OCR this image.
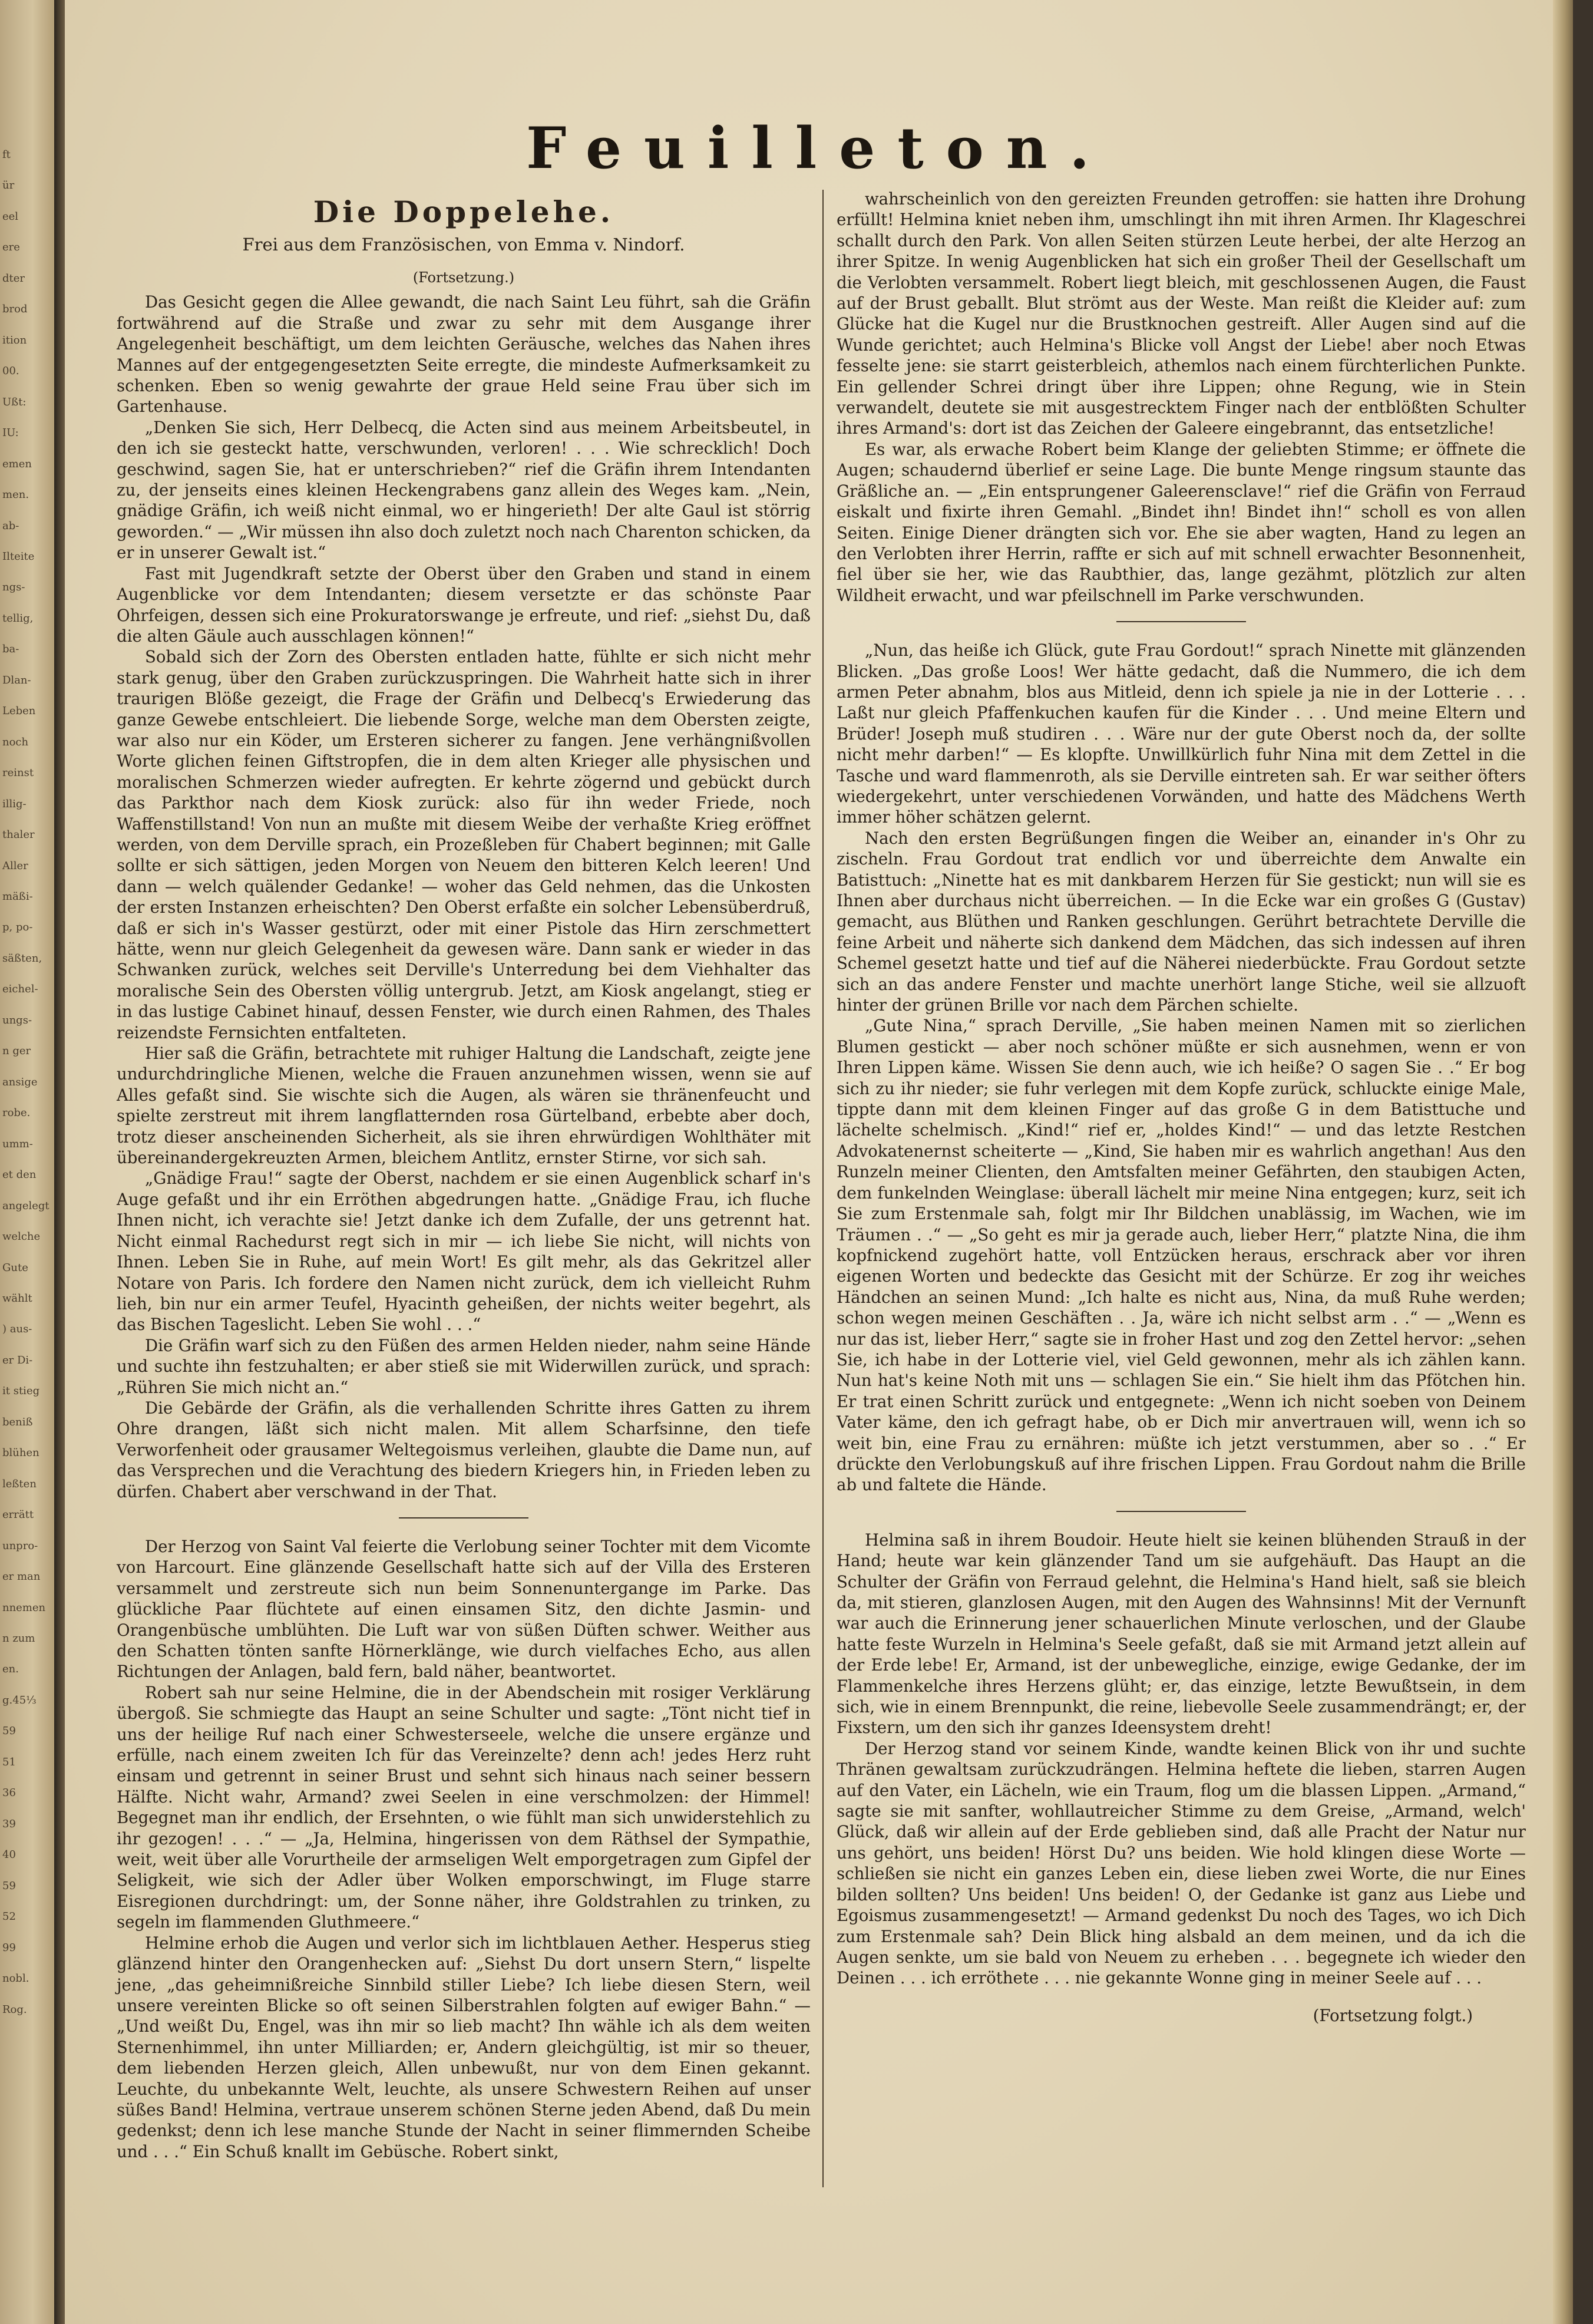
ft
ür
eel
ere
dter
brod
ition
00.
Ußt:
IU:
emen
men.
ab-
Ilteite
ngs-
tellig,
ba-
Dlan-
Leben
noch
reinst
illig-
thaler
Aller
mäßi-
p, po-
säßten,
eichel-
ungs-
n ger
ansige
robe.
umm-
et den
angelegt
welche
Gute
wählt
) aus-
er Di-
it stieg
beniß
blühen
leßten
errätt
unpro-
er man
nnemen
n zum
en.
g.45⅓
59
51
36
39
40
59
52
99
nobl.
Rog.
Feuilleton.
Die Doppelehe.
Frei aus dem Französischen, von Emma v. Nindorf.
(Fortsetzung.)

Das Gesicht gegen die Allee gewandt, die nach Saint Leu führt, sah die Gräfin fortwährend auf die Straße und zwar zu sehr mit dem Ausgange ihrer Angelegenheit beschäftigt, um dem leichten Geräusche, welches das Nahen ihres Mannes auf der entgegengesetzten Seite erregte, die mindeste Aufmerksamkeit zu schenken. Eben so wenig gewahrte der graue Held seine Frau über sich im Gartenhause.

„Denken Sie sich, Herr Delbecq, die Acten sind aus meinem Arbeitsbeutel, in den ich sie gesteckt hatte, verschwunden, verloren! . . . Wie schrecklich! Doch geschwind, sagen Sie, hat er unterschrieben?“ rief die Gräfin ihrem Intendanten zu, der jenseits eines kleinen Heckengrabens ganz allein des Weges kam. „Nein, gnädige Gräfin, ich weiß nicht einmal, wo er hingerieth! Der alte Gaul ist störrig geworden.“ — „Wir müssen ihn also doch zuletzt noch nach Charenton schicken, da er in unserer Gewalt ist.“

Fast mit Jugendkraft setzte der Oberst über den Graben und stand in einem Augenblicke vor dem Intendanten; diesem versetzte er das schönste Paar Ohrfeigen, dessen sich eine Prokuratorswange je erfreute, und rief: „siehst Du, daß die alten Gäule auch ausschlagen können!“

Sobald sich der Zorn des Obersten entladen hatte, fühlte er sich nicht mehr stark genug, über den Graben zurückzuspringen. Die Wahrheit hatte sich in ihrer traurigen Blöße gezeigt, die Frage der Gräfin und Delbecq's Erwiederung das ganze Gewebe entschleiert. Die liebende Sorge, welche man dem Obersten zeigte, war also nur ein Köder, um Ersteren sicherer zu fangen. Jene verhängnißvollen Worte glichen feinen Giftstropfen, die in dem alten Krieger alle physischen und moralischen Schmerzen wieder aufregten. Er kehrte zögernd und gebückt durch das Parkthor nach dem Kiosk zurück: also für ihn weder Friede, noch Waffenstillstand! Von nun an mußte mit diesem Weibe der verhaßte Krieg eröffnet werden, von dem Derville sprach, ein Prozeßleben für Chabert beginnen; mit Galle sollte er sich sättigen, jeden Morgen von Neuem den bitteren Kelch leeren! Und dann — welch quälender Gedanke! — woher das Geld nehmen, das die Unkosten der ersten Instanzen erheischten? Den Oberst erfaßte ein solcher Lebensüberdruß, daß er sich in's Wasser gestürzt, oder mit einer Pistole das Hirn zerschmettert hätte, wenn nur gleich Gelegenheit da gewesen wäre. Dann sank er wieder in das Schwanken zurück, welches seit Derville's Unterredung bei dem Viehhalter das moralische Sein des Obersten völlig untergrub. Jetzt, am Kiosk angelangt, stieg er in das lustige Cabinet hinauf, dessen Fenster, wie durch einen Rahmen, des Thales reizendste Fernsichten entfalteten.

Hier saß die Gräfin, betrachtete mit ruhiger Haltung die Landschaft, zeigte jene undurchdringliche Mienen, welche die Frauen anzunehmen wissen, wenn sie auf Alles gefaßt sind. Sie wischte sich die Augen, als wären sie thränenfeucht und spielte zerstreut mit ihrem langflatternden rosa Gürtelband, erbebte aber doch, trotz dieser anscheinenden Sicherheit, als sie ihren ehrwürdigen Wohlthäter mit übereinandergekreuzten Armen, bleichem Antlitz, ernster Stirne, vor sich sah.

„Gnädige Frau!“ sagte der Oberst, nachdem er sie einen Augenblick scharf in's Auge gefaßt und ihr ein Erröthen abgedrungen hatte. „Gnädige Frau, ich fluche Ihnen nicht, ich verachte sie! Jetzt danke ich dem Zufalle, der uns getrennt hat. Nicht einmal Rachedurst regt sich in mir — ich liebe Sie nicht, will nichts von Ihnen. Leben Sie in Ruhe, auf mein Wort! Es gilt mehr, als das Gekritzel aller Notare von Paris. Ich fordere den Namen nicht zurück, dem ich vielleicht Ruhm lieh, bin nur ein armer Teufel, Hyacinth geheißen, der nichts weiter begehrt, als das Bischen Tageslicht. Leben Sie wohl . . .“

Die Gräfin warf sich zu den Füßen des armen Helden nieder, nahm seine Hände und suchte ihn festzuhalten; er aber stieß sie mit Widerwillen zurück, und sprach: „Rühren Sie mich nicht an.“

Die Gebärde der Gräfin, als die verhallenden Schritte ihres Gatten zu ihrem Ohre drangen, läßt sich nicht malen. Mit allem Scharfsinne, den tiefe Verworfenheit oder grausamer Weltegoismus verleihen, glaubte die Dame nun, auf das Versprechen und die Verachtung des biedern Kriegers hin, in Frieden leben zu dürfen. Chabert aber verschwand in der That.

Der Herzog von Saint Val feierte die Verlobung seiner Tochter mit dem Vicomte von Harcourt. Eine glänzende Gesellschaft hatte sich auf der Villa des Ersteren versammelt und zerstreute sich nun beim Sonnenuntergange im Parke. Das glückliche Paar flüchtete auf einen einsamen Sitz, den dichte Jasmin- und Orangenbüsche umblühten. Die Luft war von süßen Düften schwer. Weither aus den Schatten tönten sanfte Hörnerklänge, wie durch vielfaches Echo, aus allen Richtungen der Anlagen, bald fern, bald näher, beantwortet.

Robert sah nur seine Helmine, die in der Abendschein mit rosiger Verklärung übergoß. Sie schmiegte das Haupt an seine Schulter und sagte: „Tönt nicht tief in uns der heilige Ruf nach einer Schwesterseele, welche die unsere ergänze und erfülle, nach einem zweiten Ich für das Vereinzelte? denn ach! jedes Herz ruht einsam und getrennt in seiner Brust und sehnt sich hinaus nach seiner bessern Hälfte. Nicht wahr, Armand? zwei Seelen in eine verschmolzen: der Himmel! Begegnet man ihr endlich, der Ersehnten, o wie fühlt man sich unwiderstehlich zu ihr gezogen! . . .“ — „Ja, Helmina, hingerissen von dem Räthsel der Sympathie, weit, weit über alle Vorurtheile der armseligen Welt emporgetragen zum Gipfel der Seligkeit, wie sich der Adler über Wolken emporschwingt, im Fluge starre Eisregionen durchdringt: um, der Sonne näher, ihre Goldstrahlen zu trinken, zu segeln im flammenden Gluthmeere.“

Helmine erhob die Augen und verlor sich im lichtblauen Aether. Hesperus stieg glänzend hinter den Orangenhecken auf: „Siehst Du dort unsern Stern,“ lispelte jene, „das geheimnißreiche Sinnbild stiller Liebe? Ich liebe diesen Stern, weil unsere vereinten Blicke so oft seinen Silberstrahlen folgten auf ewiger Bahn.“ — „Und weißt Du, Engel, was ihn mir so lieb macht? Ihn wähle ich als dem weiten Sternenhimmel, ihn unter Milliarden; er, Andern gleichgültig, ist mir so theuer, dem liebenden Herzen gleich, Allen unbewußt, nur von dem Einen gekannt. Leuchte, du unbekannte Welt, leuchte, als unsere Schwestern Reihen auf unser süßes Band! Helmina, vertraue unserem schönen Sterne jeden Abend, daß Du mein gedenkst; denn ich lese manche Stunde der Nacht in seiner flimmernden Scheibe und . . .“ Ein Schuß knallt im Gebüsche. Robert sinkt,

wahrscheinlich von den gereizten Freunden getroffen: sie hatten ihre Drohung erfüllt! Helmina kniet neben ihm, umschlingt ihn mit ihren Armen. Ihr Klageschrei schallt durch den Park. Von allen Seiten stürzen Leute herbei, der alte Herzog an ihrer Spitze. In wenig Augenblicken hat sich ein großer Theil der Gesellschaft um die Verlobten versammelt. Robert liegt bleich, mit geschlossenen Augen, die Faust auf der Brust geballt. Blut strömt aus der Weste. Man reißt die Kleider auf: zum Glücke hat die Kugel nur die Brustknochen gestreift. Aller Augen sind auf die Wunde gerichtet; auch Helmina's Blicke voll Angst der Liebe! aber noch Etwas fesselte jene: sie starrt geisterbleich, athemlos nach einem fürchterlichen Punkte. Ein gellender Schrei dringt über ihre Lippen; ohne Regung, wie in Stein verwandelt, deutete sie mit ausgestrecktem Finger nach der entblößten Schulter ihres Armand's: dort ist das Zeichen der Galeere eingebrannt, das entsetzliche!

Es war, als erwache Robert beim Klange der geliebten Stimme; er öffnete die Augen; schaudernd überlief er seine Lage. Die bunte Menge ringsum staunte das Gräßliche an. — „Ein entsprungener Galeerensclave!“ rief die Gräfin von Ferraud eiskalt und fixirte ihren Gemahl. „Bindet ihn! Bindet ihn!“ scholl es von allen Seiten. Einige Diener drängten sich vor. Ehe sie aber wagten, Hand zu legen an den Verlobten ihrer Herrin, raffte er sich auf mit schnell erwachter Besonnenheit, fiel über sie her, wie das Raubthier, das, lange gezähmt, plötzlich zur alten Wildheit erwacht, und war pfeilschnell im Parke verschwunden.

„Nun, das heiße ich Glück, gute Frau Gordout!“ sprach Ninette mit glänzenden Blicken. „Das große Loos! Wer hätte gedacht, daß die Nummero, die ich dem armen Peter abnahm, blos aus Mitleid, denn ich spiele ja nie in der Lotterie . . . Laßt nur gleich Pfaffenkuchen kaufen für die Kinder . . . Und meine Eltern und Brüder! Joseph muß studiren . . . Wäre nur der gute Oberst noch da, der sollte nicht mehr darben!“ — Es klopfte. Unwillkürlich fuhr Nina mit dem Zettel in die Tasche und ward flammenroth, als sie Derville eintreten sah. Er war seither öfters wiedergekehrt, unter verschiedenen Vorwänden, und hatte des Mädchens Werth immer höher schätzen gelernt.

Nach den ersten Begrüßungen fingen die Weiber an, einander in's Ohr zu zischeln. Frau Gordout trat endlich vor und überreichte dem Anwalte ein Batisttuch: „Ninette hat es mit dankbarem Herzen für Sie gestickt; nun will sie es Ihnen aber durchaus nicht überreichen. — In die Ecke war ein großes G (Gustav) gemacht, aus Blüthen und Ranken geschlungen. Gerührt betrachtete Derville die feine Arbeit und näherte sich dankend dem Mädchen, das sich indessen auf ihren Schemel gesetzt hatte und tief auf die Näherei niederbückte. Frau Gordout setzte sich an das andere Fenster und machte unerhört lange Stiche, weil sie allzuoft hinter der grünen Brille vor nach dem Pärchen schielte.

„Gute Nina,“ sprach Derville, „Sie haben meinen Namen mit so zierlichen Blumen gestickt — aber noch schöner müßte er sich ausnehmen, wenn er von Ihren Lippen käme. Wissen Sie denn auch, wie ich heiße? O sagen Sie . .“ Er bog sich zu ihr nieder; sie fuhr verlegen mit dem Kopfe zurück, schluckte einige Male, tippte dann mit dem kleinen Finger auf das große G in dem Batisttuche und lächelte schelmisch. „Kind!“ rief er, „holdes Kind!“ — und das letzte Restchen Advokatenernst scheiterte — „Kind, Sie haben mir es wahrlich angethan! Aus den Runzeln meiner Clienten, den Amtsfalten meiner Gefährten, den staubigen Acten, dem funkelnden Weinglase: überall lächelt mir meine Nina entgegen; kurz, seit ich Sie zum Erstenmale sah, folgt mir Ihr Bildchen unablässig, im Wachen, wie im Träumen . .“ — „So geht es mir ja gerade auch, lieber Herr,“ platzte Nina, die ihm kopfnickend zugehört hatte, voll Entzücken heraus, erschrack aber vor ihren eigenen Worten und bedeckte das Gesicht mit der Schürze. Er zog ihr weiches Händchen an seinen Mund: „Ich halte es nicht aus, Nina, da muß Ruhe werden; schon wegen meinen Geschäften . . Ja, wäre ich nicht selbst arm . .“ — „Wenn es nur das ist, lieber Herr,“ sagte sie in froher Hast und zog den Zettel hervor: „sehen Sie, ich habe in der Lotterie viel, viel Geld gewonnen, mehr als ich zählen kann. Nun hat's keine Noth mit uns — schlagen Sie ein.“ Sie hielt ihm das Pfötchen hin. Er trat einen Schritt zurück und entgegnete: „Wenn ich nicht soeben von Deinem Vater käme, den ich gefragt habe, ob er Dich mir anvertrauen will, wenn ich so weit bin, eine Frau zu ernähren: müßte ich jetzt verstummen, aber so . .“ Er drückte den Verlobungskuß auf ihre frischen Lippen. Frau Gordout nahm die Brille ab und faltete die Hände.

Helmina saß in ihrem Boudoir. Heute hielt sie keinen blühenden Strauß in der Hand; heute war kein glänzender Tand um sie aufgehäuft. Das Haupt an die Schulter der Gräfin von Ferraud gelehnt, die Helmina's Hand hielt, saß sie bleich da, mit stieren, glanzlosen Augen, mit den Augen des Wahnsinns! Mit der Vernunft war auch die Erinnerung jener schauerlichen Minute verloschen, und der Glaube hatte feste Wurzeln in Helmina's Seele gefaßt, daß sie mit Armand jetzt allein auf der Erde lebe! Er, Armand, ist der unbewegliche, einzige, ewige Gedanke, der im Flammenkelche ihres Herzens glüht; er, das einzige, letzte Bewußtsein, in dem sich, wie in einem Brennpunkt, die reine, liebevolle Seele zusammendrängt; er, der Fixstern, um den sich ihr ganzes Ideensystem dreht!

Der Herzog stand vor seinem Kinde, wandte keinen Blick von ihr und suchte Thränen gewaltsam zurückzudrängen. Helmina heftete die lieben, starren Augen auf den Vater, ein Lächeln, wie ein Traum, flog um die blassen Lippen. „Armand,“ sagte sie mit sanfter, wohllautreicher Stimme zu dem Greise, „Armand, welch' Glück, daß wir allein auf der Erde geblieben sind, daß alle Pracht der Natur nur uns gehört, uns beiden! Hörst Du? uns beiden. Wie hold klingen diese Worte — schließen sie nicht ein ganzes Leben ein, diese lieben zwei Worte, die nur Eines bilden sollten? Uns beiden! Uns beiden! O, der Gedanke ist ganz aus Liebe und Egoismus zusammengesetzt! — Armand gedenkst Du noch des Tages, wo ich Dich zum Erstenmale sah? Dein Blick hing alsbald an dem meinen, und da ich die Augen senkte, um sie bald von Neuem zu erheben . . . begegnete ich wieder den Deinen . . . ich erröthete . . . nie gekannte Wonne ging in meiner Seele auf . . .

(Fortsetzung folgt.)
